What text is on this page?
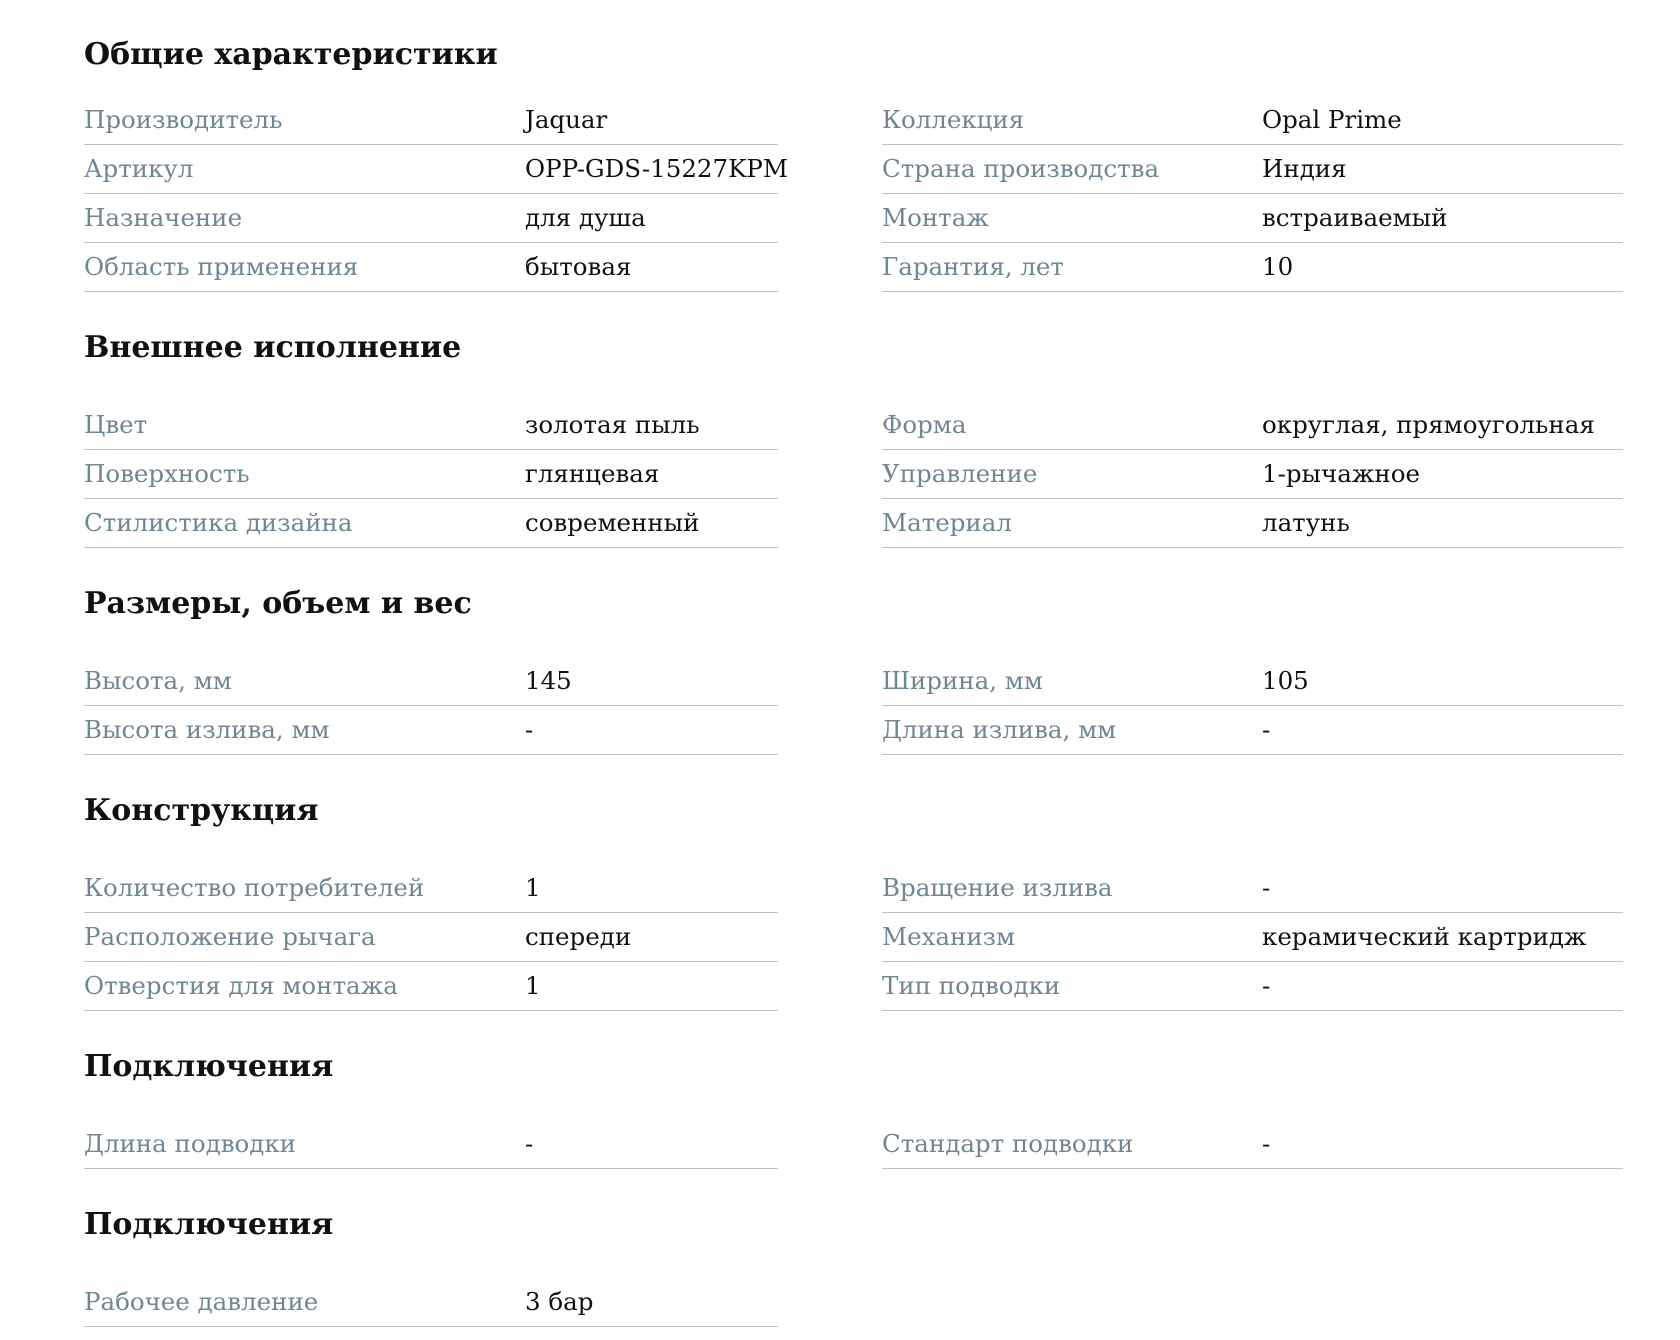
Общие характеристики
Производитель	Jaquar	Коллекция	Opal Prime
Артикул	OPP-GDS-15227KPM	Страна производства	Индия
Назначение	для душа	Монтаж	встраиваемый
Область применения	бытовая	Гарантия, лет	10
Внешнее исполнение
Цвет	золотая пыль	Форма	округлая, прямоугольная
Поверхность	глянцевая	Управление	1-рычажное
Стилистика дизайна	современный	Материал	латунь
Размеры, объем и вес
Высота, мм	145	Ширина, мм	105
Высота излива, мм	-	Длина излива, мм	-
Конструкция
Количество потребителей	1	Вращение излива	-
Расположение рычага	спереди	Механизм	керамический картридж
Отверстия для монтажа	1	Тип подводки	-
Подключения
Длина подводки	-	Стандарт подводки	-
Подключения
Рабочее давление	3 бар
